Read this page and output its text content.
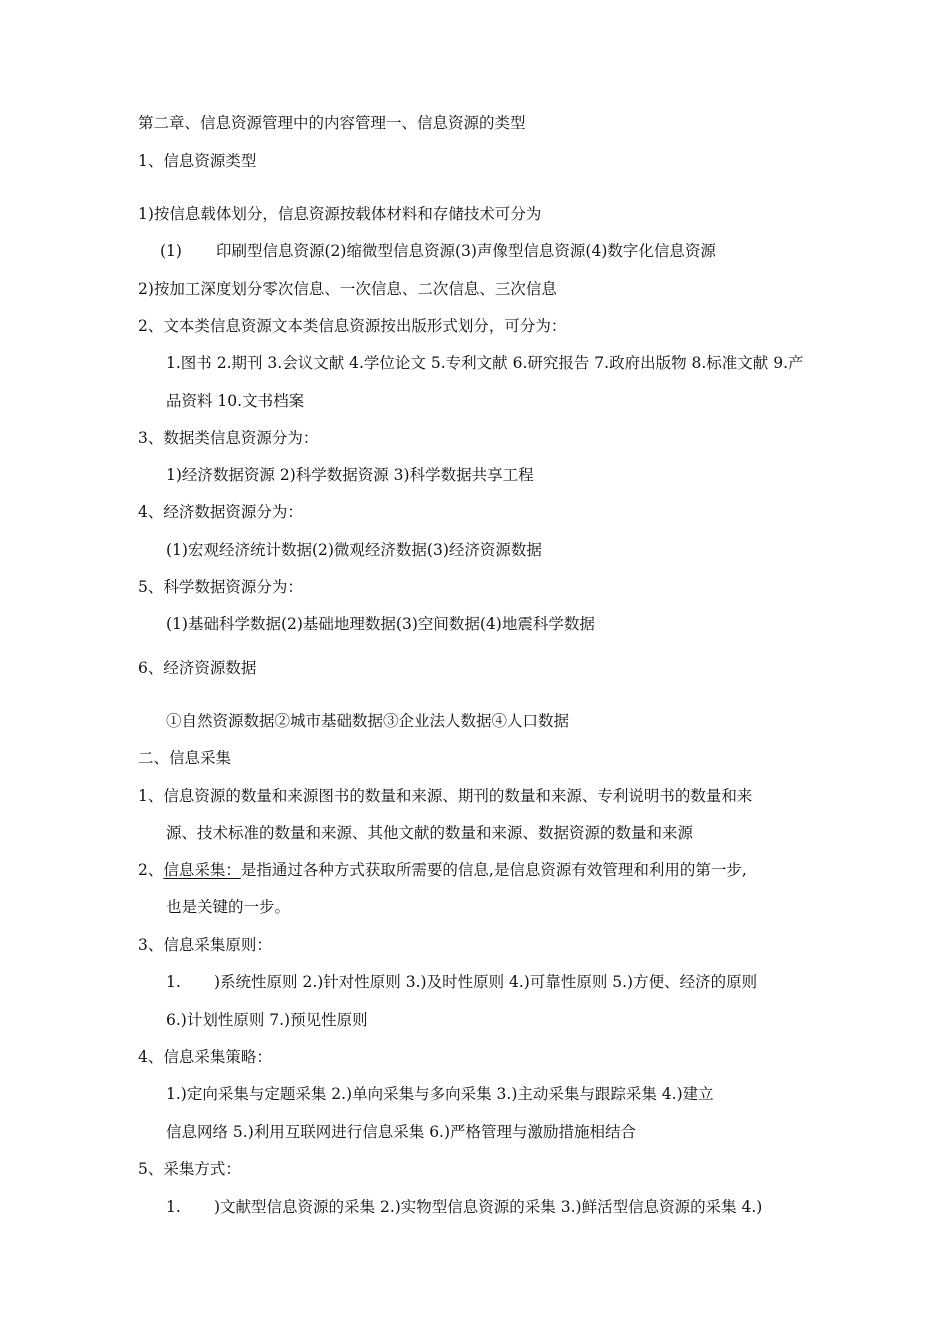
第二章、信息资源管理中的内容管理一、信息资源的类型
1、信息资源类型
1)按信息载体划分，信息资源按载体材料和存储技术可分为
(1) 印刷型信息资源(2)缩微型信息资源(3)声像型信息资源(4)数字化信息资源
2)按加工深度划分零次信息、一次信息、二次信息、三次信息
2、文本类信息资源文本类信息资源按出版形式划分，可分为：
1.图书 2.期刊 3.会议文献 4.学位论文 5.专利文献 6.研究报告 7.政府出版物 8.标准文献 9.产
品资料 10.文书档案
3、数据类信息资源分为：
1)经济数据资源 2)科学数据资源 3)科学数据共享工程
4、经济数据资源分为：
(1)宏观经济统计数据(2)微观经济数据(3)经济资源数据
5、科学数据资源分为：
(1)基础科学数据(2)基础地理数据(3)空间数据(4)地震科学数据
6、经济资源数据
①自然资源数据②城市基础数据③企业法人数据④人口数据
二、信息采集
1、信息资源的数量和来源图书的数量和来源、期刊的数量和来源、专利说明书的数量和来
源、技术标准的数量和来源、其他文献的数量和来源、数据资源的数量和来源
2、信息采集：是指通过各种方式获取所需要的信息,是信息资源有效管理和利用的第一步,
也是关键的一步。
3、信息采集原则：
1. )系统性原则 2.)针对性原则 3.)及时性原则 4.)可靠性原则 5.)方便、经济的原则
6.)计划性原则 7.)预见性原则
4、信息采集策略：
1.)定向采集与定题采集 2.)单向采集与多向采集 3.)主动采集与跟踪采集 4.)建立
信息网络 5.)利用互联网进行信息采集 6.)严格管理与激励措施相结合
5、采集方式：
1. )文献型信息资源的采集 2.)实物型信息资源的采集 3.)鲜活型信息资源的采集 4.)
